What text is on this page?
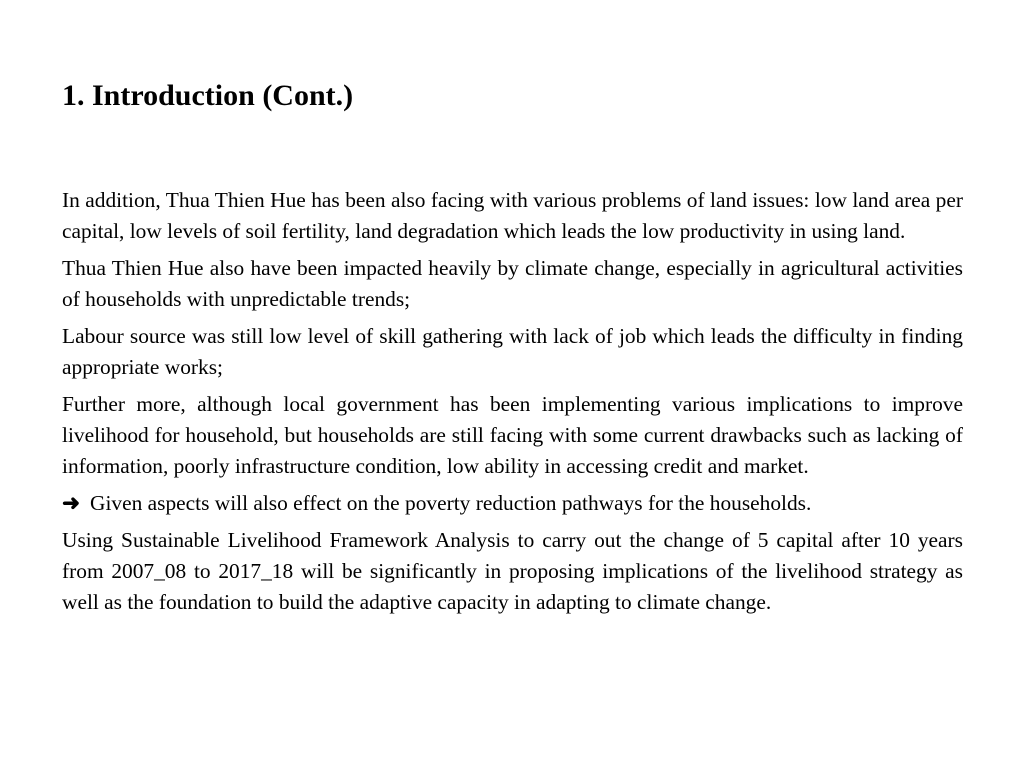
1. Introduction (Cont.)

In addition, Thua Thien Hue has been also facing with various problems of land issues: low land area per capital, low levels of soil fertility, land degradation which leads the low productivity in using land.

Thua Thien Hue also have been impacted heavily by climate change, especially in agricultural activities of households with unpredictable trends;

Labour source was still low level of skill gathering with lack of job which leads the difficulty in finding appropriate works;

Further more, although local government has been implementing various implications to improve livelihood for household, but households are still facing with some current drawbacks such as lacking of information, poorly infrastructure condition, low ability in accessing credit and market.

➜ Given aspects will also effect on the poverty reduction pathways for the households.

Using Sustainable Livelihood Framework Analysis to carry out the change of 5 capital after 10 years from 2007_08 to 2017_18 will be significantly in proposing implications of the livelihood strategy as well as the foundation to build the adaptive capacity in adapting to climate change.
